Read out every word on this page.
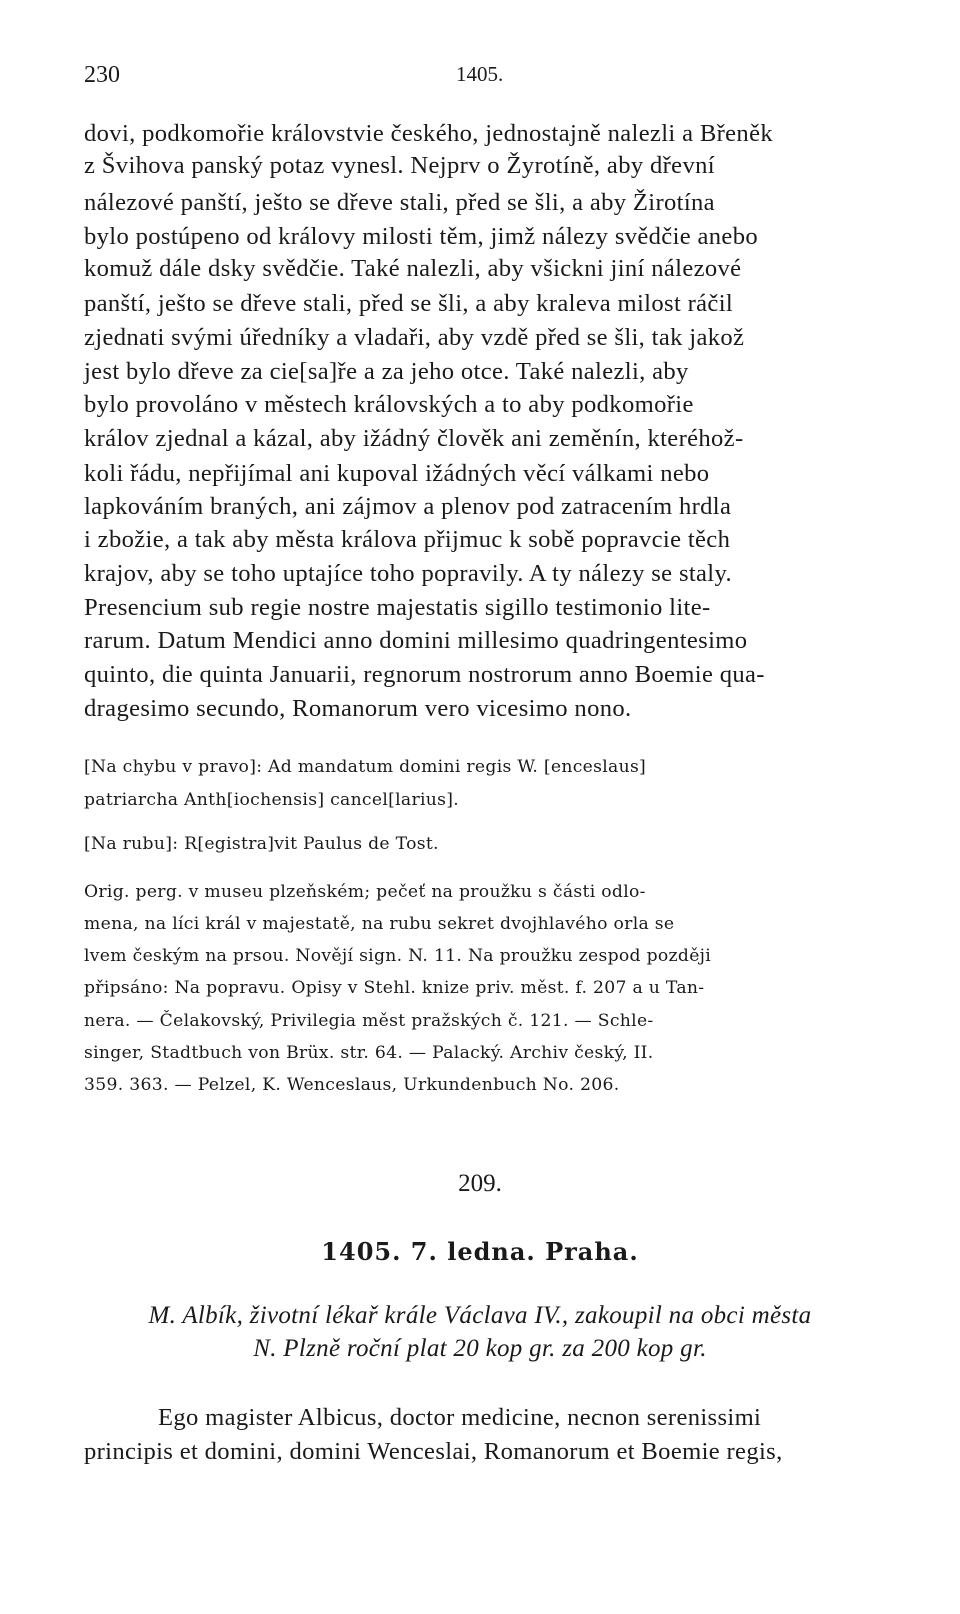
230	1405.
dovi, podkomořie královstvie českého, jednostajně nalezli a Břeněk
z Švihova panský potaz vynesl. Nejprv o Žyrotíně, aby dřevní
nálezové panští, ješto se dřeve stali, před se šli, a aby Žirotína
bylo postúpeno od královy milosti těm, jimž nálezy svědčie anebo
komuž dále dsky svědčie. Také nalezli, aby všickni jiní nálezové
panští, ješto se dřeve stali, před se šli, a aby kraleva milost ráčil
zjednati svými úředníky a vladaři, aby vzdě před se šli, tak jakož
jest bylo dřeve za cie[sa]ře a za jeho otce. Také nalezli, aby
bylo provoláno v městech královských a to aby podkomořie
králov zjednal a kázal, aby ižádný člověk ani zeměnín, kteréhož-
koli řádu, nepřijímal ani kupoval ižádných věcí válkami nebo
lapkováním braných, ani zájmov a plenov pod zatracením hrdla
i zbožie, a tak aby města králova přijmuc k sobě popravcie těch
krajov, aby se toho uptajíce toho popravily. A ty nálezy se staly.
Presencium sub regie nostre majestatis sigillo testimonio lite-
rarum. Datum Mendici anno domini millesimo quadringentesimo
quinto, die quinta Januarii, regnorum nostrorum anno Boemie qua-
dragesimo secundo, Romanorum vero vicesimo nono.
[Na chybu v pravo]: Ad mandatum domini regis W. [enceslaus]
patriarcha Anth[iochensis] cancel[larius].
[Na rubu]: R[egistra]vit Paulus de Tost.
Orig. perg. v museu plzeňském; pečeť na proužku s části odlo-
mena, na líci král v majestatě, na rubu sekret dvojhlavého orla se
lvem českým na prsou. Novějí sign. N. 11. Na proužku zespod později
připsáno: Na popravu. Opisy v Stehl. knize priv. měst. f. 207 a u Tan-
nera. — Čelakovský, Privilegia měst pražských č. 121. — Schle-
singer, Stadtbuch von Brüx. str. 64. — Palacký. Archiv český, II.
359. 363. — Pelzel, K. Wenceslaus, Urkundenbuch No. 206.
209.
1405. 7. ledna. Praha.
M. Albík, životní lékař krále Václava IV., zakoupil na obci města
N. Plzně roční plat 20 kop gr. za 200 kop gr.
Ego magister Albicus, doctor medicine, necnon serenissimi
principis et domini, domini Wenceslai, Romanorum et Boemie regis,
